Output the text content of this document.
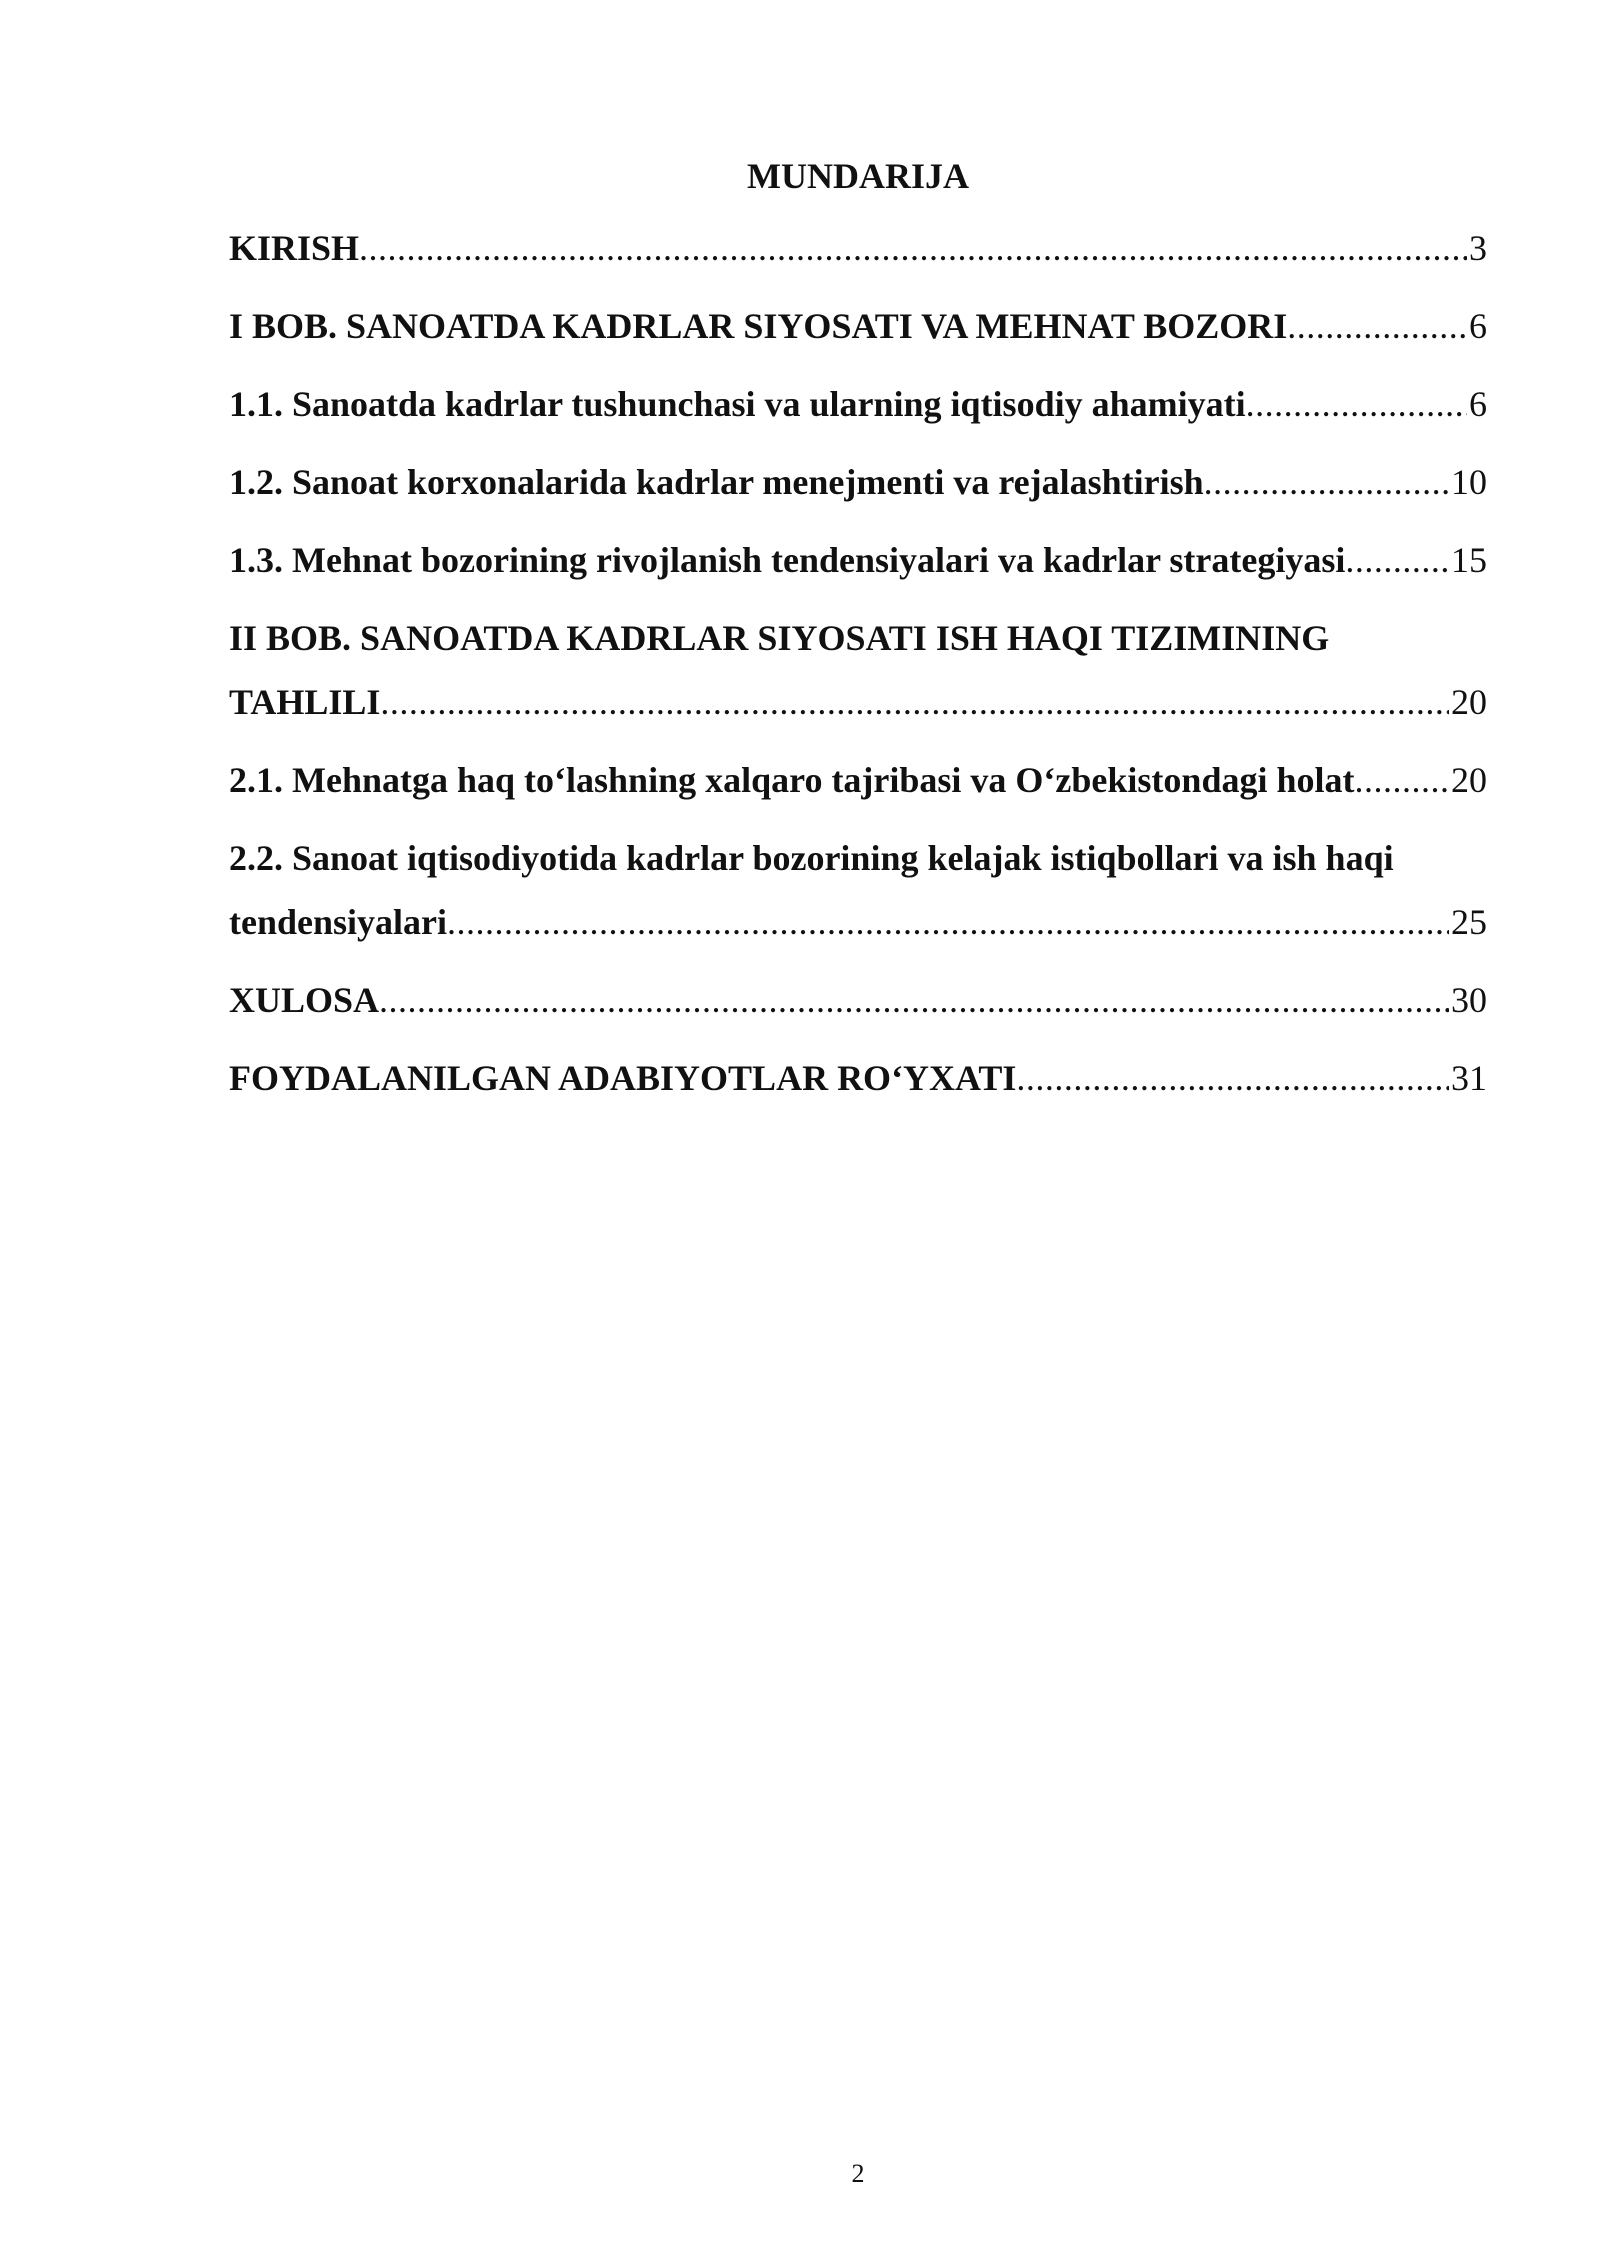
MUNDARIJA
KIRISH .....	3
I BOB. SANOATDA KADRLAR SIYOSATI VA MEHNAT BOZORI .....	6
1.1. Sanoatda kadrlar tushunchasi va ularning iqtisodiy ahamiyati .....	6
1.2. Sanoat korxonalarida kadrlar menejmenti va rejalashtirish .....	10
1.3. Mehnat bozorining rivojlanish tendensiyalari va kadrlar strategiyasi .....	15
II BOB. SANOATDA KADRLAR SIYOSATI ISH HAQI TIZIMINING
TAHLILI .....	20
2.1. Mehnatga haq to‘lashning xalqaro tajribasi va O‘zbekistondagi holat .....	20
2.2. Sanoat iqtisodiyotida kadrlar bozorining kelajak istiqbollari va ish haqi
tendensiyalari .....	25
XULOSA .....	30
FOYDALANILGAN ADABIYOTLAR RO‘YXATI .....	31
2
